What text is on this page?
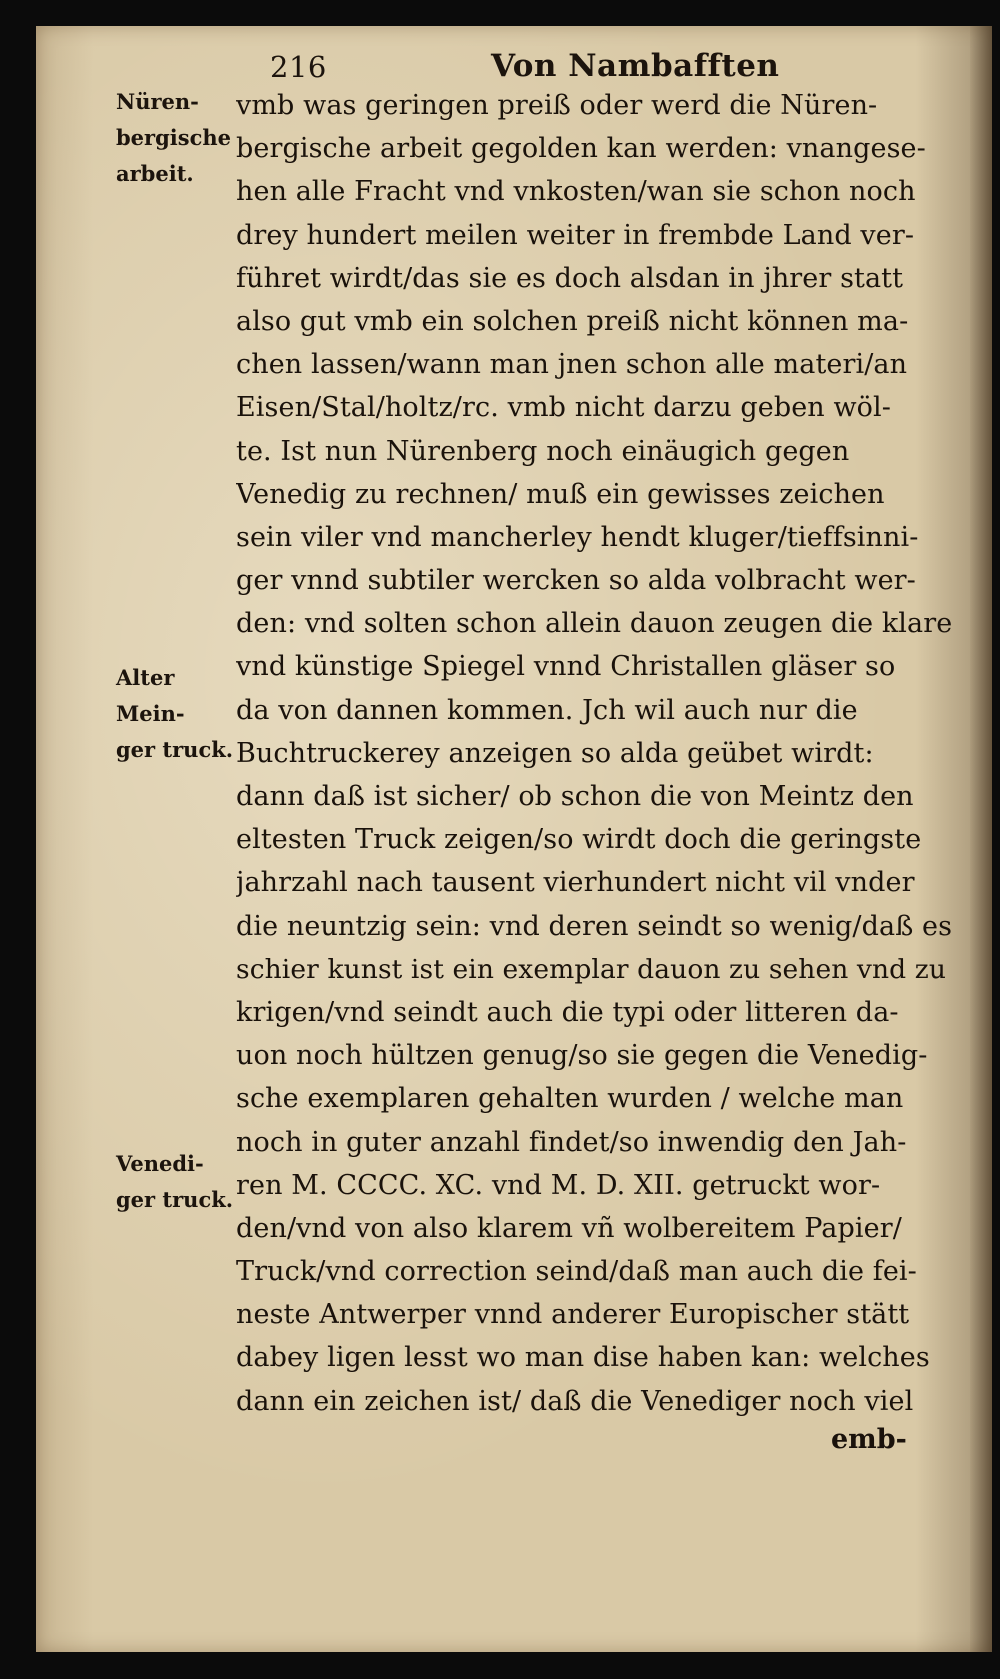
216	Von Nambafften
Nüren-
bergische
arbeit.
Alter
Mein-
ger truck.
Venedi-
ger truck.
vmb was geringen preiß oder werd die Nüren-
bergische arbeit gegolden kan werden: vnangese-
hen alle Fracht vnd vnkosten/wan sie schon noch
drey hundert meilen weiter in frembde Land ver-
führet wirdt/das sie es doch alsdan in jhrer statt
also gut vmb ein solchen preiß nicht können ma-
chen lassen/wann man jnen schon alle materi/an
Eisen/Stal/holtz/rc. vmb nicht darzu geben wöl-
te. Ist nun Nürenberg noch einäugich gegen
Venedig zu rechnen/ muß ein gewisses zeichen
sein viler vnd mancherley hendt kluger/tieffsinni-
ger vnnd subtiler wercken so alda volbracht wer-
den: vnd solten schon allein dauon zeugen die klare
vnd künstige Spiegel vnnd Christallen gläser so
da von dannen kommen. Jch wil auch nur die
Buchtruckerey anzeigen so alda geübet wirdt:
dann daß ist sicher/ ob schon die von Meintz den
eltesten Truck zeigen/so wirdt doch die geringste
jahrzahl nach tausent vierhundert nicht vil vnder
die neuntzig sein: vnd deren seindt so wenig/daß es
schier kunst ist ein exemplar dauon zu sehen vnd zu
krigen/vnd seindt auch die typi oder litteren da-
uon noch hültzen genug/so sie gegen die Venedig-
sche exemplaren gehalten wurden / welche man
noch in guter anzahl findet/so inwendig den Jah-
ren M. CCCC. XC. vnd M. D. XII. getruckt wor-
den/vnd von also klarem vñ wolbereitem Papier/
Truck/vnd correction seind/daß man auch die fei-
neste Antwerper vnnd anderer Europischer stätt
dabey ligen lesst wo man dise haben kan: welches
dann ein zeichen ist/ daß die Venediger noch viel
emb-
